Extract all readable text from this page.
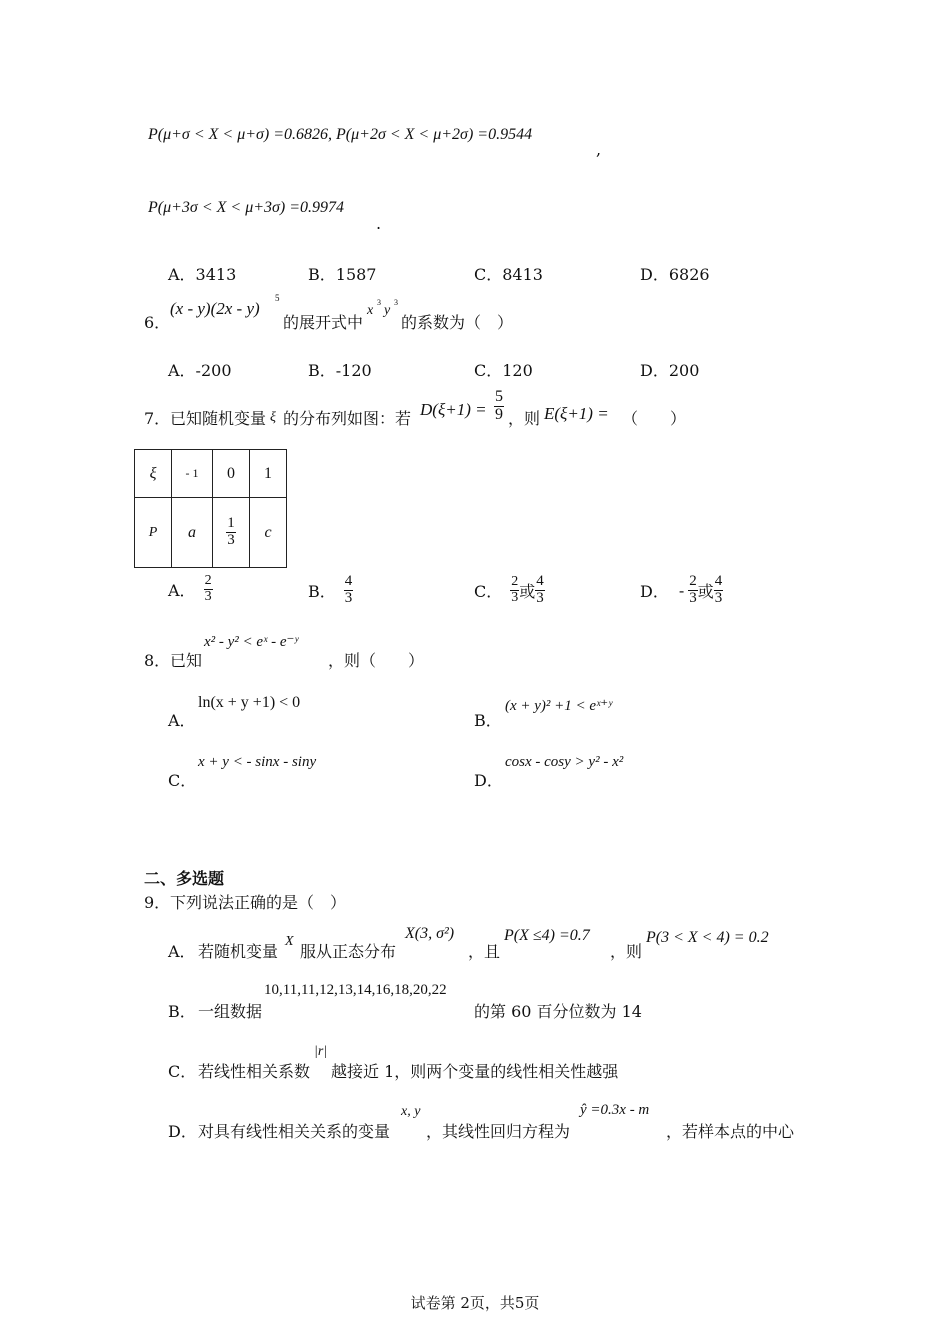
P(μ+σ < X < μ+σ) =0.6826, P(μ+2σ < X < μ+2σ) =0.9544
,
P(μ+3σ < X < μ+3σ) =0.9974
.
A．3413	B．1587	C．8413	D．6826
6．
(x - y)(2x - y)
5
的展开式中
x
3
y
3
的系数为（　）
A．-200	B．-120	C．120	D．200
7． 已知随机变量 ξ 的分布列如图：若 $D(\xi+1) = \frac{5}{9}$ ，则 E(ξ+1) = （　　）
ξ	- 1	0	1
P	a	$\frac{1}{3}$	c
A． $\frac{2}{3}$	B． $\frac{4}{3}$	C． $\frac{2}{3}$ 或 $\frac{4}{3}$	D． - $\frac{2}{3}$ 或 $\frac{4}{3}$
8． 已知
x² - y² < eˣ - e⁻ʸ
，则（　　）
A．
ln(x + y +1) < 0
B．
(x + y)² +1 < eˣ⁺ʸ
C．
x + y < - sinx - siny
D．
cosx - cosy > y² - x²
二、多选题
9． 下列说法正确的是（　）
A． 若随机变量
X
服从正态分布
X(3, σ²)
，且
P(X ≤4) =0.7
，则
P(3 < X < 4) = 0.2
B． 一组数据
10,11,11,12,13,14,16,18,20,22
的第 60 百分位数为 14
C． 若线性相关系数
|r|
越接近 1，则两个变量的线性相关性越强
D． 对具有线性相关关系的变量
x, y
，其线性回归方程为
ŷ =0.3x - m
，若样本点的中心
试卷第 2页，共5页
